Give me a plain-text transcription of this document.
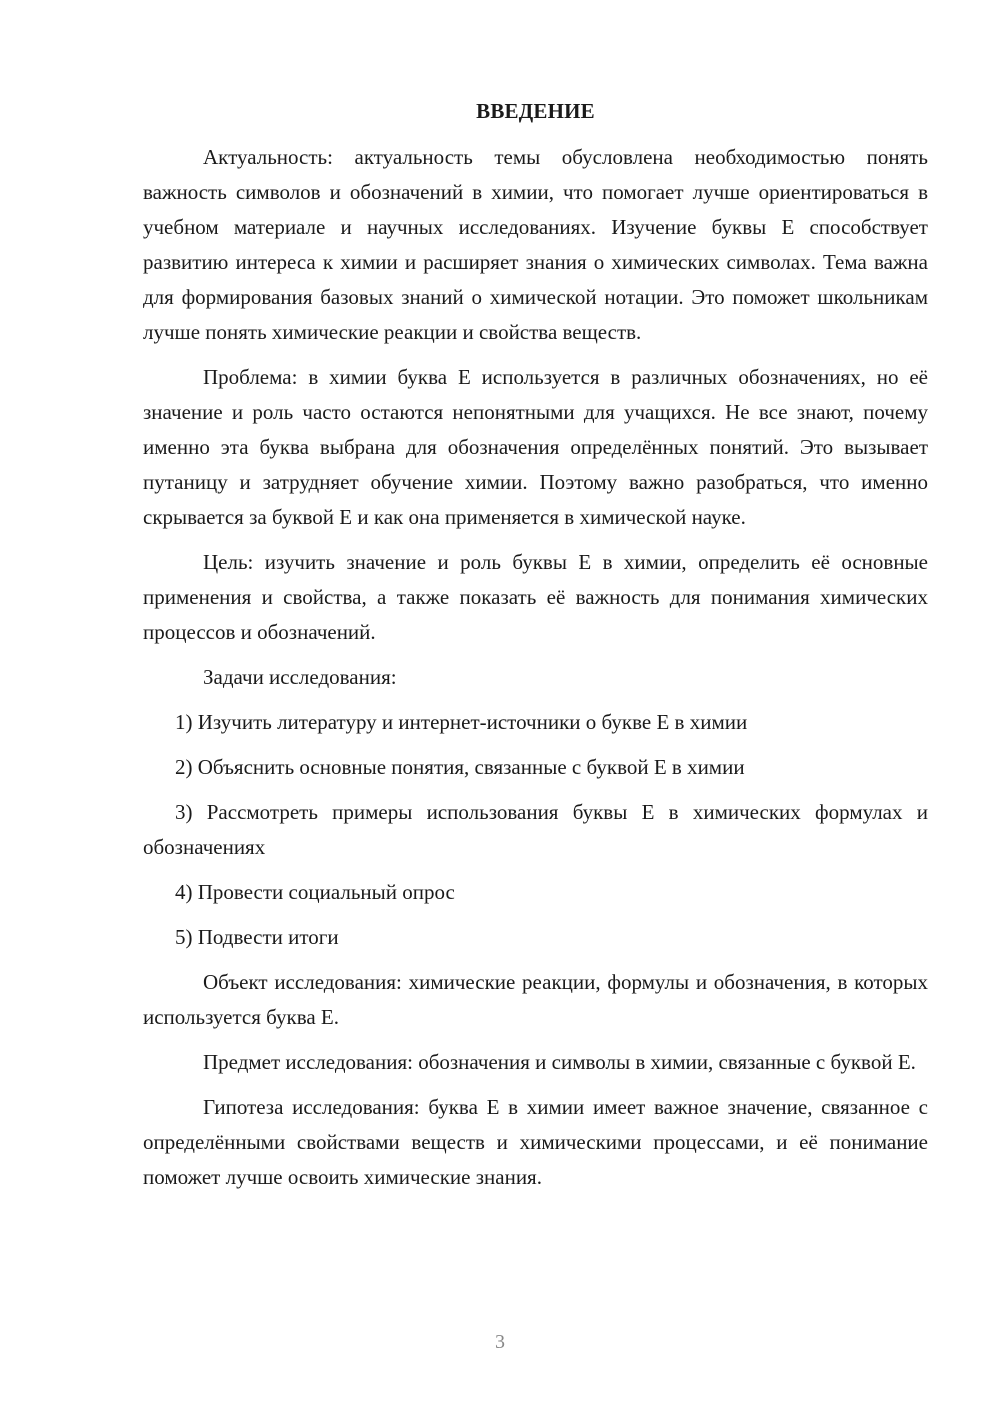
ВВЕДЕНИЕ

Актуальность: актуальность темы обусловлена необходимостью понять важность символов и обозначений в химии, что помогает лучше ориентироваться в учебном материале и научных исследованиях. Изучение буквы Е способствует развитию интереса к химии и расширяет знания о химических символах. Тема важна для формирования базовых знаний о химической нотации. Это поможет школьникам лучше понять химические реакции и свойства веществ.

Проблема: в химии буква Е используется в различных обозначениях, но её значение и роль часто остаются непонятными для учащихся. Не все знают, почему именно эта буква выбрана для обозначения определённых понятий. Это вызывает путаницу и затрудняет обучение химии. Поэтому важно разобраться, что именно скрывается за буквой Е и как она применяется в химической науке.

Цель: изучить значение и роль буквы Е в химии, определить её основные применения и свойства, а также показать её важность для понимания химических процессов и обозначений.

Задачи исследования:

1) Изучить литературу и интернет-источники о букве Е в химии

2) Объяснить основные понятия, связанные с буквой Е в химии

3) Рассмотреть примеры использования буквы Е в химических формулах и обозначениях

4) Провести социальный опрос

5) Подвести итоги

Объект исследования: химические реакции, формулы и обозначения, в которых используется буква Е.

Предмет исследования: обозначения и символы в химии, связанные с буквой Е.

Гипотеза исследования: буква Е в химии имеет важное значение, связанное с определёнными свойствами веществ и химическими процессами, и её понимание поможет лучше освоить химические знания.

3
